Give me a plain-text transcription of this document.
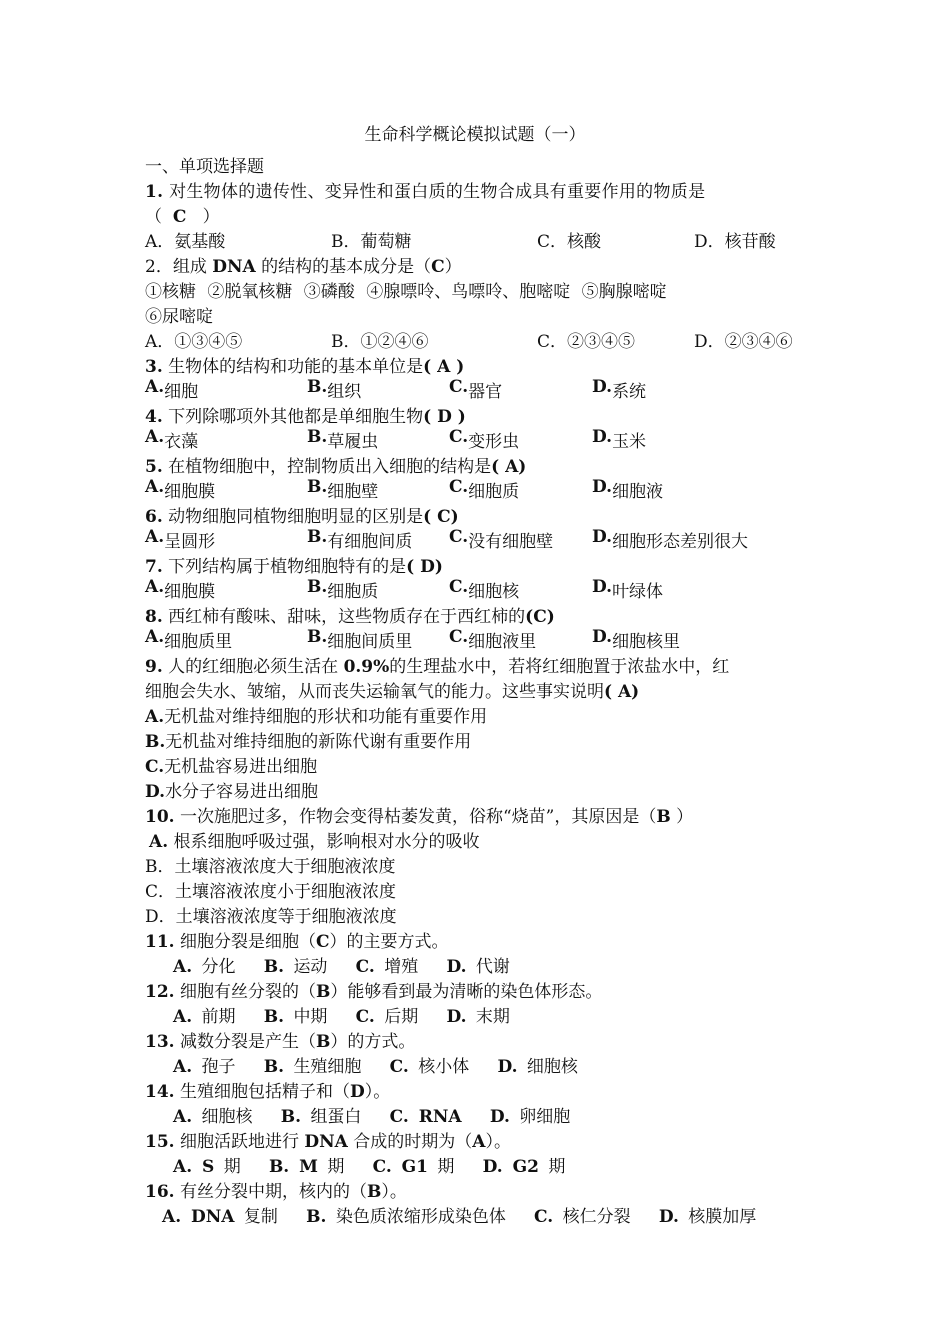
生命科学概论模拟试题（一）
一、单项选择题
1. 对生物体的遗传性、变异性和蛋白质的生物合成具有重要作用的物质是
（ C ）
A．氨基酸	B．葡萄糖	C．核酸	D．核苷酸
2．组成 DNA 的结构的基本成分是（C）
①核糖 ②脱氧核糖 ③磷酸 ④腺嘌呤、鸟嘌呤、胞嘧啶 ⑤胸腺嘧啶
⑥尿嘧啶
A．①③④⑤	B．①②④⑥	C．②③④⑤	D．②③④⑥
3. 生物体的结构和功能的基本单位是( A )
A. 细胞	B. 组织	C. 器官	D. 系统
4. 下列除哪项外其他都是单细胞生物( D )
A. 衣藻	B. 草履虫	C. 变形虫	D. 玉米
5. 在植物细胞中，控制物质出入细胞的结构是( A)
A. 细胞膜	B. 细胞壁	C. 细胞质	D. 细胞液
6. 动物细胞同植物细胞明显的区别是( C)
A. 呈圆形	B. 有细胞间质 C. 没有细胞壁 D. 细胞形态差别很大
7. 下列结构属于植物细胞特有的是( D)
A. 细胞膜	B. 细胞质	C. 细胞核	D. 叶绿体
8. 西红柿有酸味、甜味，这些物质存在于西红柿的(C)
A. 细胞质里	B. 细胞间质里 C. 细胞液里	D. 细胞核里
9. 人的红细胞必须生活在 0.9%的生理盐水中，若将红细胞置于浓盐水中，红
细胞会失水、皱缩，从而丧失运输氧气的能力。这些事实说明( A)
A.无机盐对维持细胞的形状和功能有重要作用
B.无机盐对维持细胞的新陈代谢有重要作用
C.无机盐容易进出细胞
D.水分子容易进出细胞
10. 一次施肥过多，作物会变得枯萎发黄，俗称“烧苗”，其原因是（B ）
A. 根系细胞呼吸过强，影响根对水分的吸收
B．土壤溶液浓度大于细胞液浓度
C．土壤溶液浓度小于细胞液浓度
D．土壤溶液浓度等于细胞液浓度
11. 细胞分裂是细胞（C）的主要方式。
A. 分化 B. 运动 C. 增殖 D. 代谢
12. 细胞有丝分裂的（B）能够看到最为清晰的染色体形态。
A. 前期 B. 中期 C. 后期 D. 末期
13. 减数分裂是产生（B）的方式。
A. 孢子 B. 生殖细胞 C. 核小体 D. 细胞核
14. 生殖细胞包括精子和（D）。
A. 细胞核 B. 组蛋白 C. RNA D. 卵细胞
15. 细胞活跃地进行 DNA 合成的时期为（A）。
A. S 期 B. M 期 C. G1 期 D. G2 期
16. 有丝分裂中期，核内的（B）。
A. DNA 复制 B. 染色质浓缩形成染色体 C. 核仁分裂 D. 核膜加厚
